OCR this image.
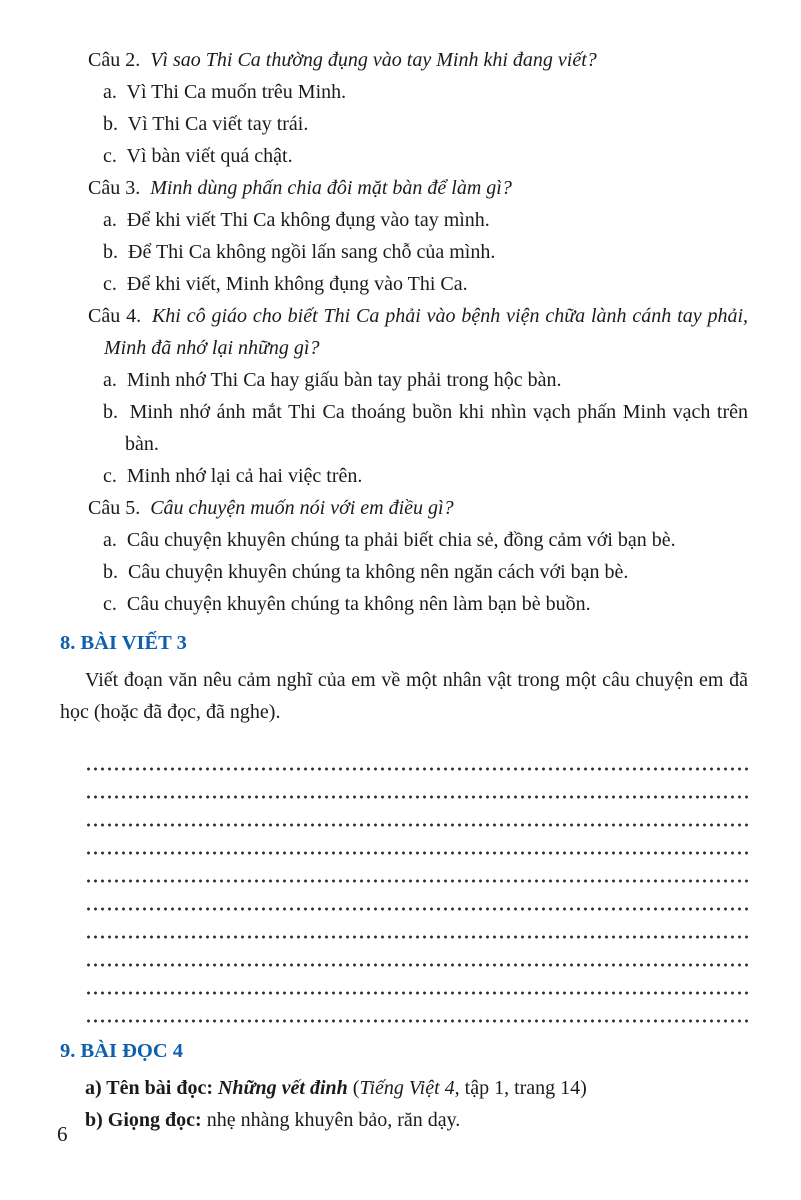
Câu 2. Vì sao Thi Ca thường đụng vào tay Minh khi đang viết?

a. Vì Thi Ca muốn trêu Minh.

b. Vì Thi Ca viết tay trái.

c. Vì bàn viết quá chật.

Câu 3. Minh dùng phấn chia đôi mặt bàn để làm gì?

a. Để khi viết Thi Ca không đụng vào tay mình.

b. Để Thi Ca không ngồi lấn sang chỗ của mình.

c. Để khi viết, Minh không đụng vào Thi Ca.

Câu 4. Khi cô giáo cho biết Thi Ca phải vào bệnh viện chữa lành cánh tay phải, Minh đã nhớ lại những gì?

a. Minh nhớ Thi Ca hay giấu bàn tay phải trong hộc bàn.

b. Minh nhớ ánh mắt Thi Ca thoáng buồn khi nhìn vạch phấn Minh vạch trên bàn.

c. Minh nhớ lại cả hai việc trên.

Câu 5. Câu chuyện muốn nói với em điều gì?

a. Câu chuyện khuyên chúng ta phải biết chia sẻ, đồng cảm với bạn bè.

b. Câu chuyện khuyên chúng ta không nên ngăn cách với bạn bè.

c. Câu chuyện khuyên chúng ta không nên làm bạn bè buồn.

8. BÀI VIẾT 3

Viết đoạn văn nêu cảm nghĩ của em về một nhân vật trong một câu chuyện em đã học (hoặc đã đọc, đã nghe).

9. BÀI ĐỌC 4

a) Tên bài đọc: Những vết đinh (Tiếng Việt 4, tập 1, trang 14)

b) Giọng đọc: nhẹ nhàng khuyên bảo, răn dạy.

6
